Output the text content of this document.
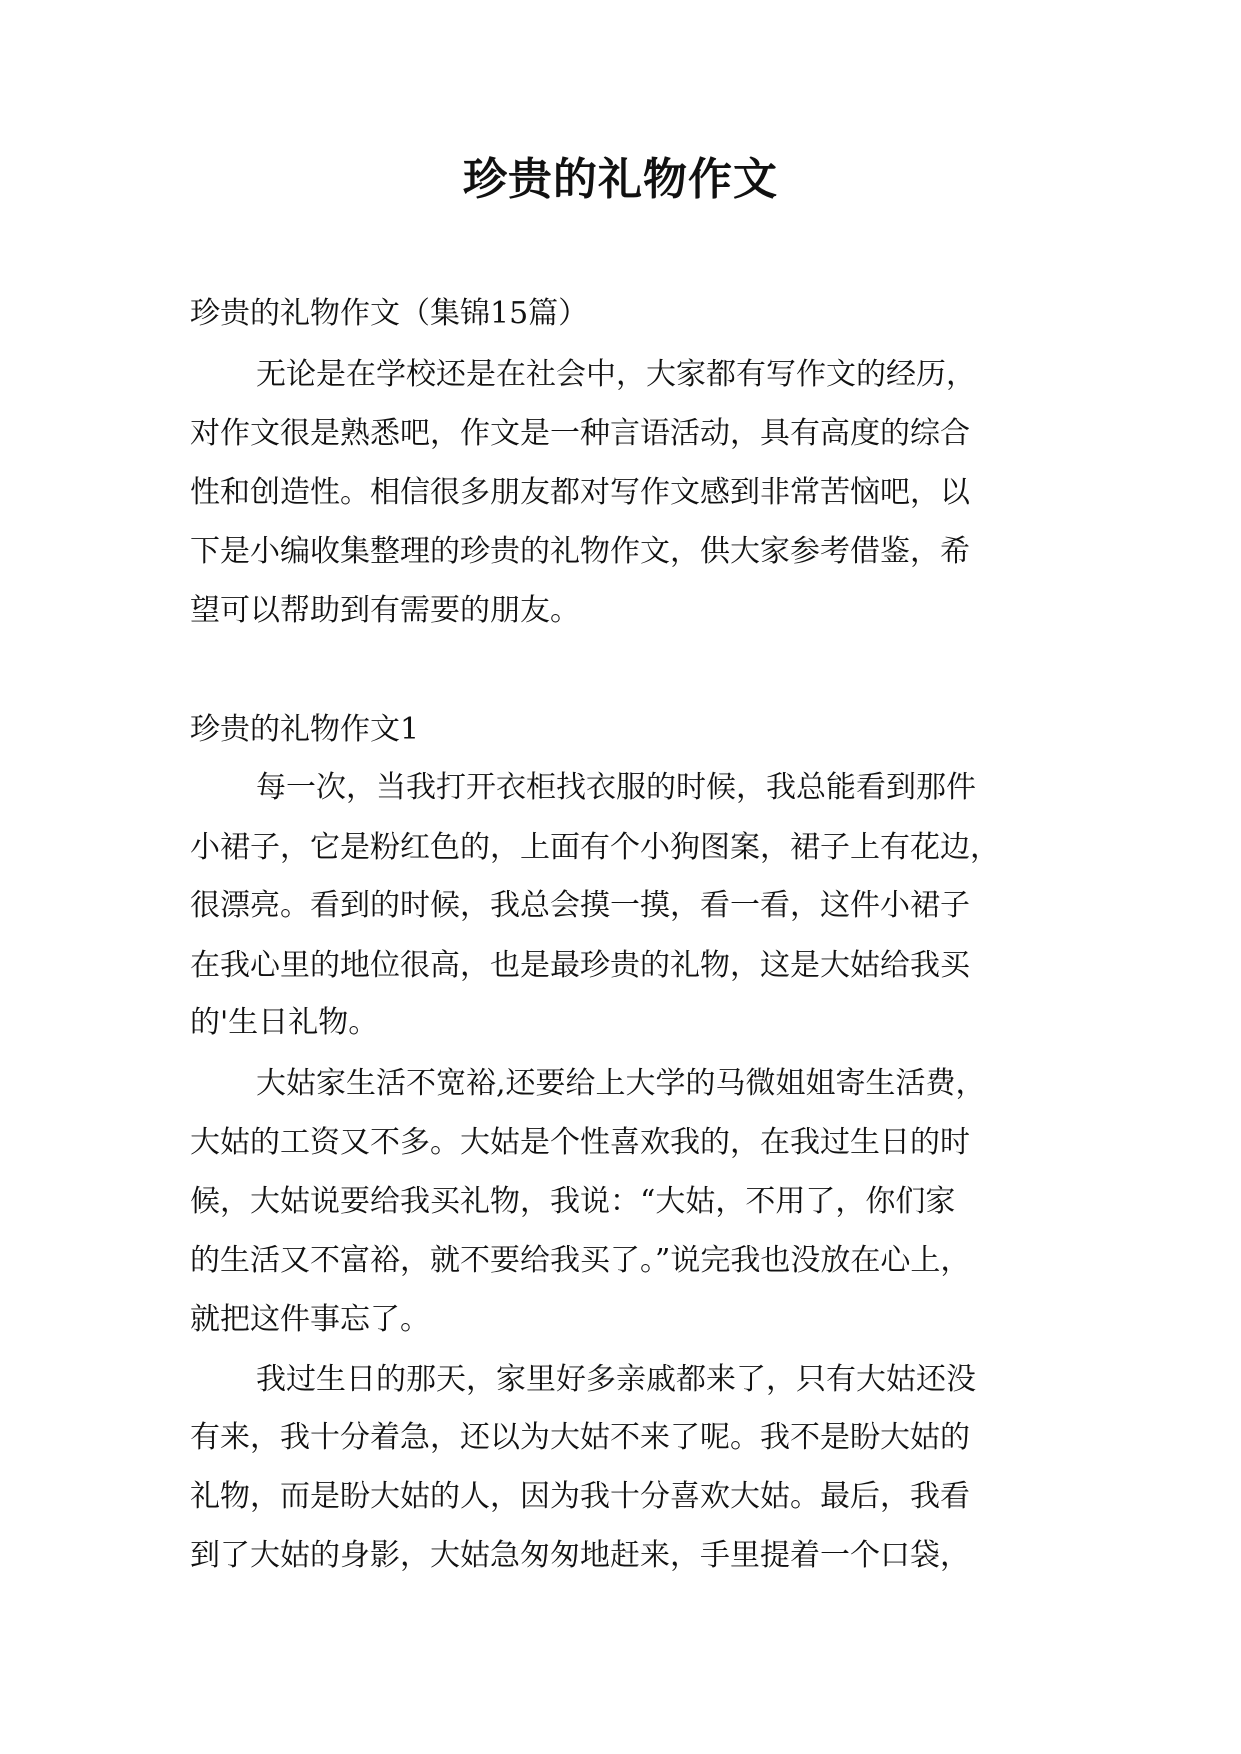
珍贵的礼物作文
珍贵的礼物作文（集锦15篇）
无论是在学校还是在社会中，大家都有写作文的经历，
对作文很是熟悉吧，作文是一种言语活动，具有高度的综合
性和创造性。相信很多朋友都对写作文感到非常苦恼吧，以
下是小编收集整理的珍贵的礼物作文，供大家参考借鉴，希
望可以帮助到有需要的朋友。
珍贵的礼物作文1
每一次，当我打开衣柜找衣服的时候，我总能看到那件
小裙子，它是粉红色的，上面有个小狗图案，裙子上有花边，
很漂亮。看到的时候，我总会摸一摸，看一看，这件小裙子
在我心里的地位很高，也是最珍贵的礼物，这是大姑给我买
的'生日礼物。
大姑家生活不宽裕,还要给上大学的马微姐姐寄生活费，
大姑的工资又不多。大姑是个性喜欢我的，在我过生日的时
候，大姑说要给我买礼物，我说：“大姑，不用了，你们家
的生活又不富裕，就不要给我买了。”说完我也没放在心上，
就把这件事忘了。
我过生日的那天，家里好多亲戚都来了，只有大姑还没
有来，我十分着急，还以为大姑不来了呢。我不是盼大姑的
礼物，而是盼大姑的人，因为我十分喜欢大姑。最后，我看
到了大姑的身影，大姑急匆匆地赶来，手里提着一个口袋，
